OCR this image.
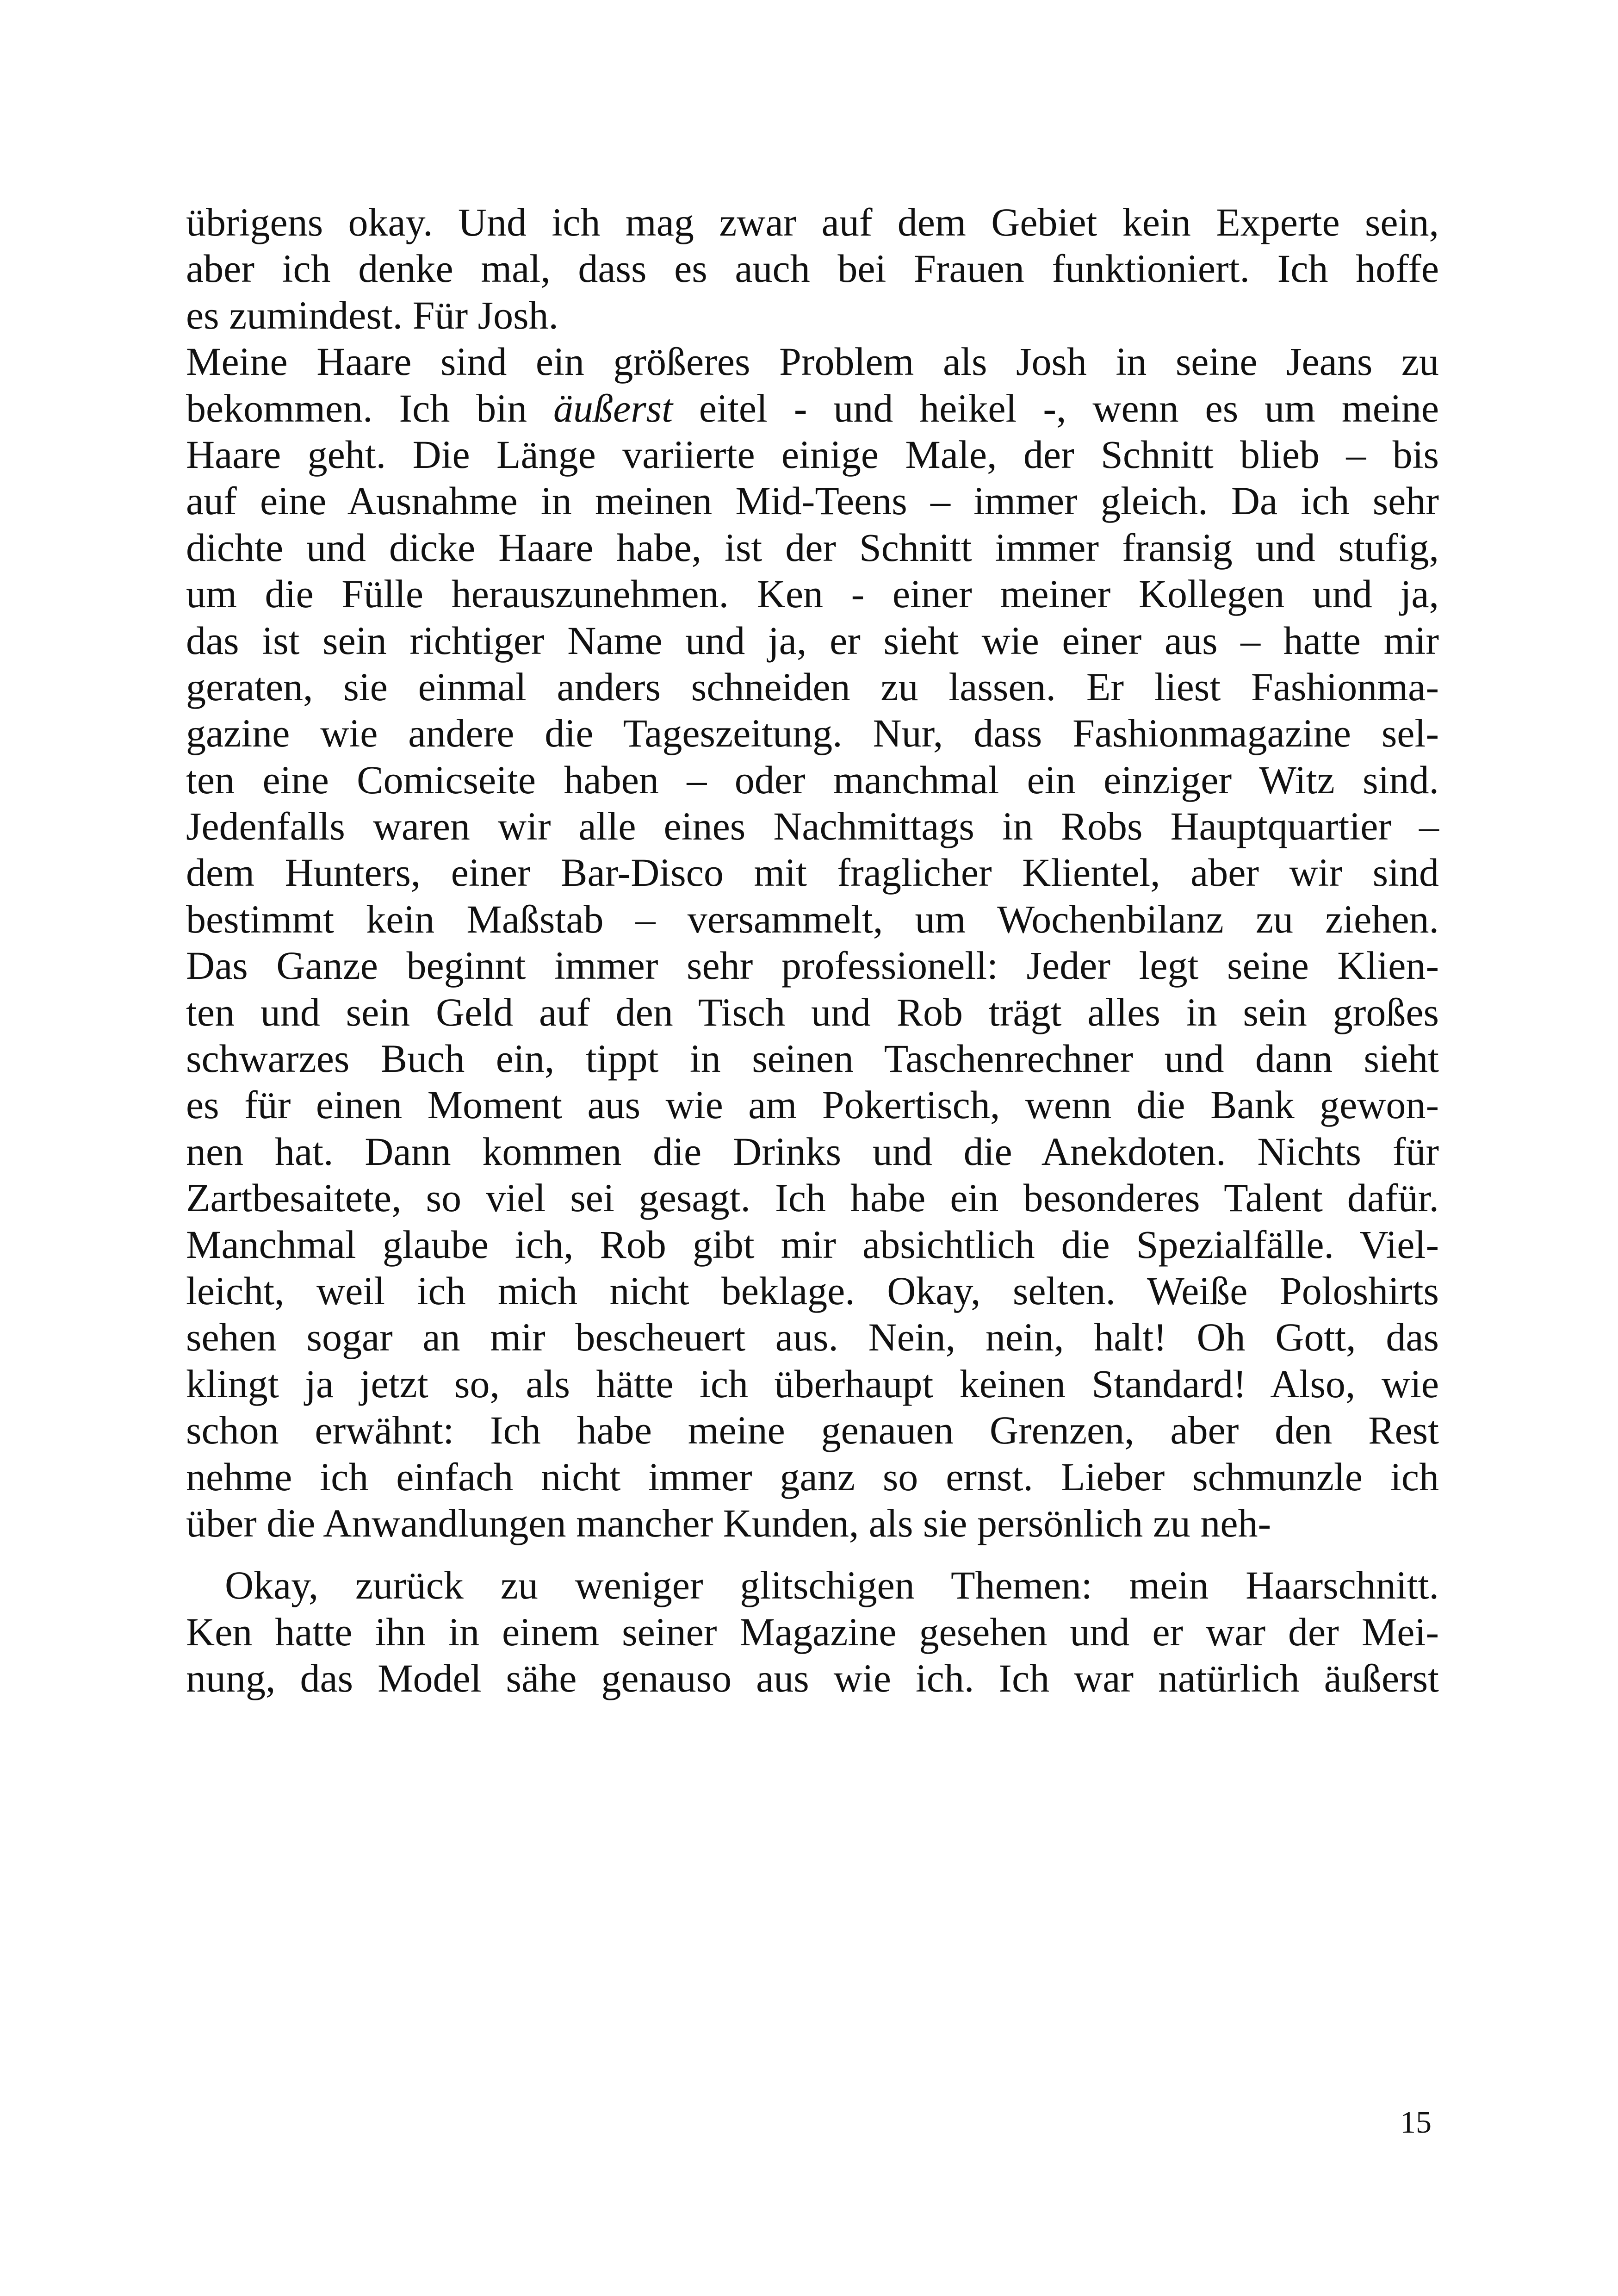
übrigens okay. Und ich mag zwar auf dem Gebiet kein Experte sein,
aber ich denke mal, dass es auch bei Frauen funktioniert. Ich hoffe
es zumindest. Für Josh.
Meine Haare sind ein größeres Problem als Josh in seine Jeans zu
bekommen. Ich bin äußerst eitel - und heikel -, wenn es um meine
Haare geht. Die Länge variierte einige Male, der Schnitt blieb – bis
auf eine Ausnahme in meinen Mid-Teens – immer gleich. Da ich sehr
dichte und dicke Haare habe, ist der Schnitt immer fransig und stufig,
um die Fülle herauszunehmen. Ken - einer meiner Kollegen und ja,
das ist sein richtiger Name und ja, er sieht wie einer aus – hatte mir
geraten, sie einmal anders schneiden zu lassen. Er liest Fashionma-
gazine wie andere die Tageszeitung. Nur, dass Fashionmagazine sel-
ten eine Comicseite haben – oder manchmal ein einziger Witz sind.
Jedenfalls waren wir alle eines Nachmittags in Robs Hauptquartier –
dem Hunters, einer Bar-Disco mit fraglicher Klientel, aber wir sind
bestimmt kein Maßstab – versammelt, um Wochenbilanz zu ziehen.
Das Ganze beginnt immer sehr professionell: Jeder legt seine Klien-
ten und sein Geld auf den Tisch und Rob trägt alles in sein großes
schwarzes Buch ein, tippt in seinen Taschenrechner und dann sieht
es für einen Moment aus wie am Pokertisch, wenn die Bank gewon-
nen hat. Dann kommen die Drinks und die Anekdoten. Nichts für
Zartbesaitete, so viel sei gesagt. Ich habe ein besonderes Talent dafür.
Manchmal glaube ich, Rob gibt mir absichtlich die Spezialfälle. Viel-
leicht, weil ich mich nicht beklage. Okay, selten. Weiße Poloshirts
sehen sogar an mir bescheuert aus. Nein, nein, halt! Oh Gott, das
klingt ja jetzt so, als hätte ich überhaupt keinen Standard! Also, wie
schon erwähnt: Ich habe meine genauen Grenzen, aber den Rest
nehme ich einfach nicht immer ganz so ernst. Lieber schmunzle ich
über die Anwandlungen mancher Kunden, als sie persönlich zu neh-
Okay, zurück zu weniger glitschigen Themen: mein Haarschnitt.
Ken hatte ihn in einem seiner Magazine gesehen und er war der Mei-
nung, das Model sähe genauso aus wie ich. Ich war natürlich äußerst
15
